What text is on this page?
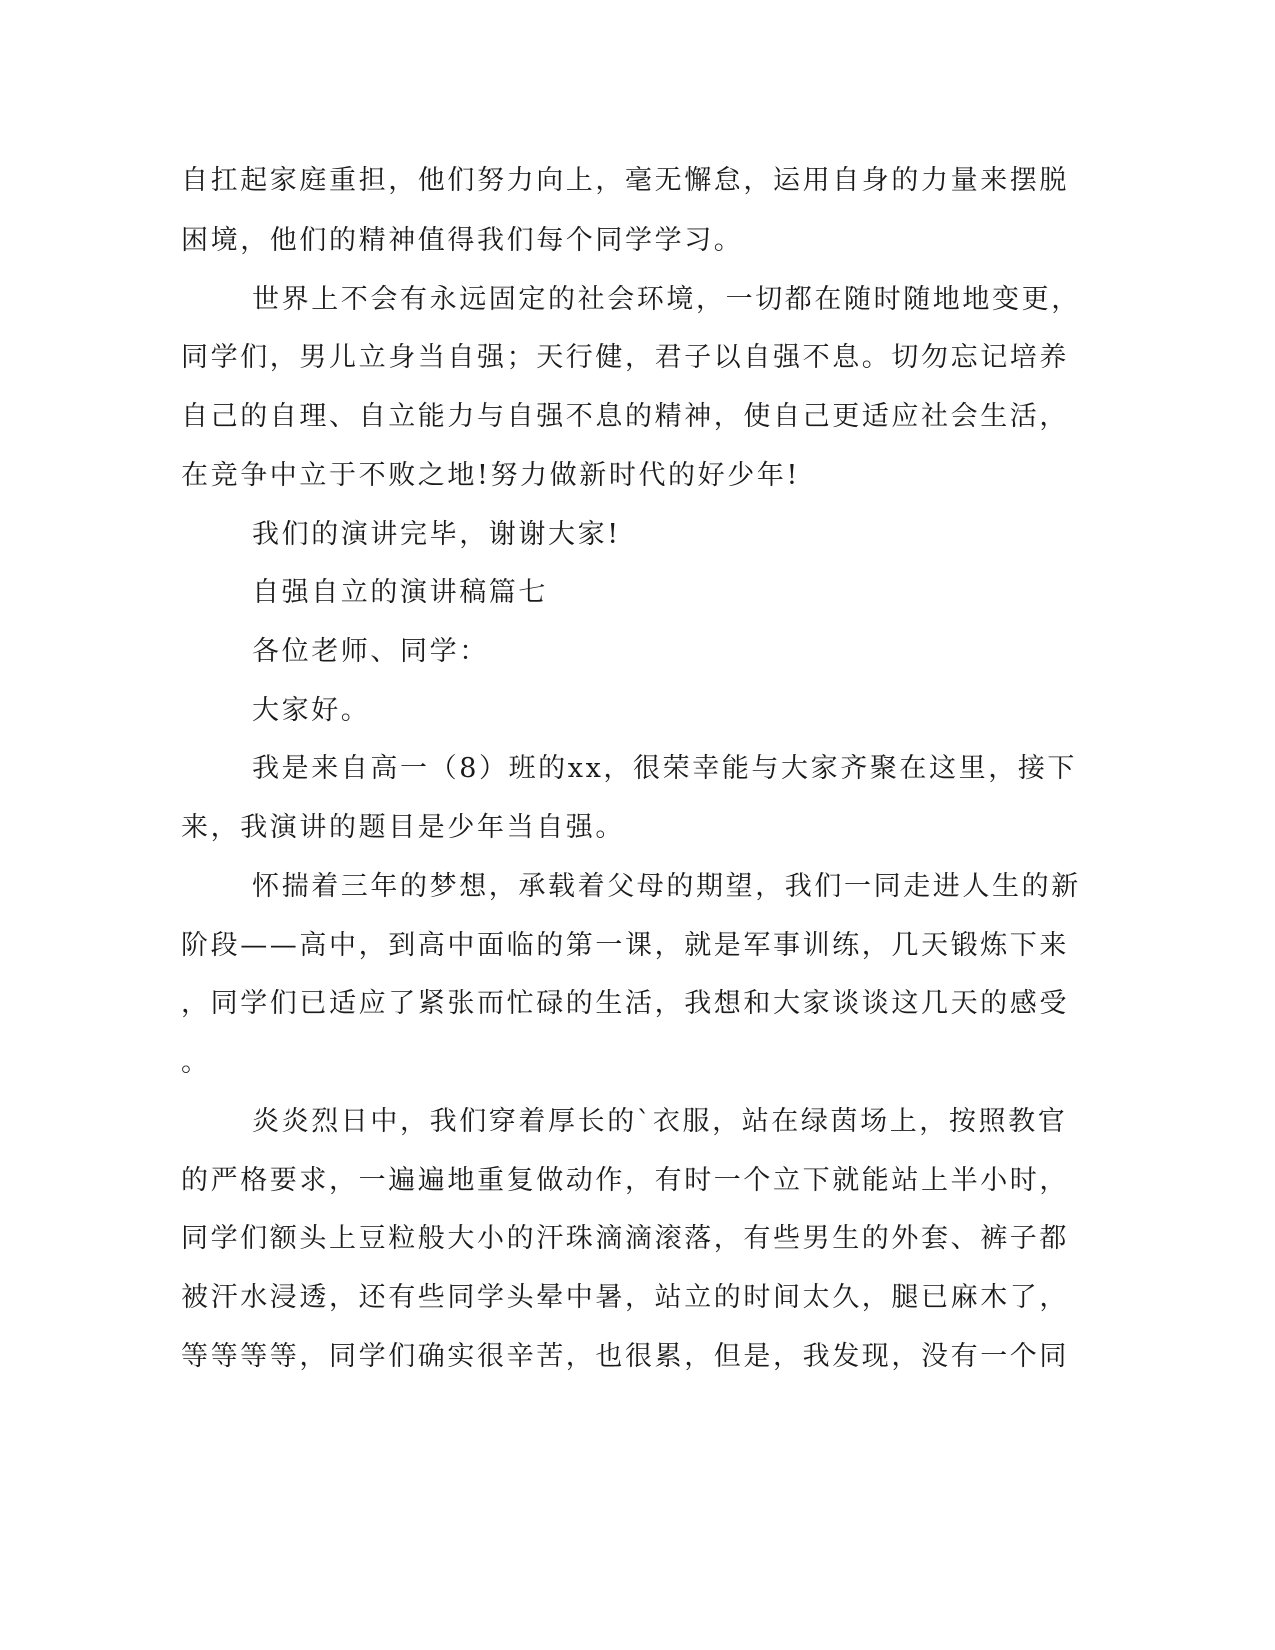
自扛起家庭重担，他们努力向上，毫无懈怠，运用自身的力量来摆脱
困境，他们的精神值得我们每个同学学习。
世界上不会有永远固定的社会环境，一切都在随时随地地变更，
同学们，男儿立身当自强；天行健，君子以自强不息。切勿忘记培养
自己的自理、自立能力与自强不息的精神，使自己更适应社会生活，
在竞争中立于不败之地!努力做新时代的好少年!
我们的演讲完毕，谢谢大家!
自强自立的演讲稿篇七
各位老师、同学：
大家好。
我是来自高一（8）班的xx，很荣幸能与大家齐聚在这里，接下
来，我演讲的题目是少年当自强。
怀揣着三年的梦想，承载着父母的期望，我们一同走进人生的新
阶段——高中，到高中面临的第一课，就是军事训练，几天锻炼下来
，同学们已适应了紧张而忙碌的生活，我想和大家谈谈这几天的感受
。
炎炎烈日中，我们穿着厚长的`衣服，站在绿茵场上，按照教官
的严格要求，一遍遍地重复做动作，有时一个立下就能站上半小时，
同学们额头上豆粒般大小的汗珠滴滴滚落，有些男生的外套、裤子都
被汗水浸透，还有些同学头晕中暑，站立的时间太久，腿已麻木了，
等等等等，同学们确实很辛苦，也很累，但是，我发现，没有一个同
